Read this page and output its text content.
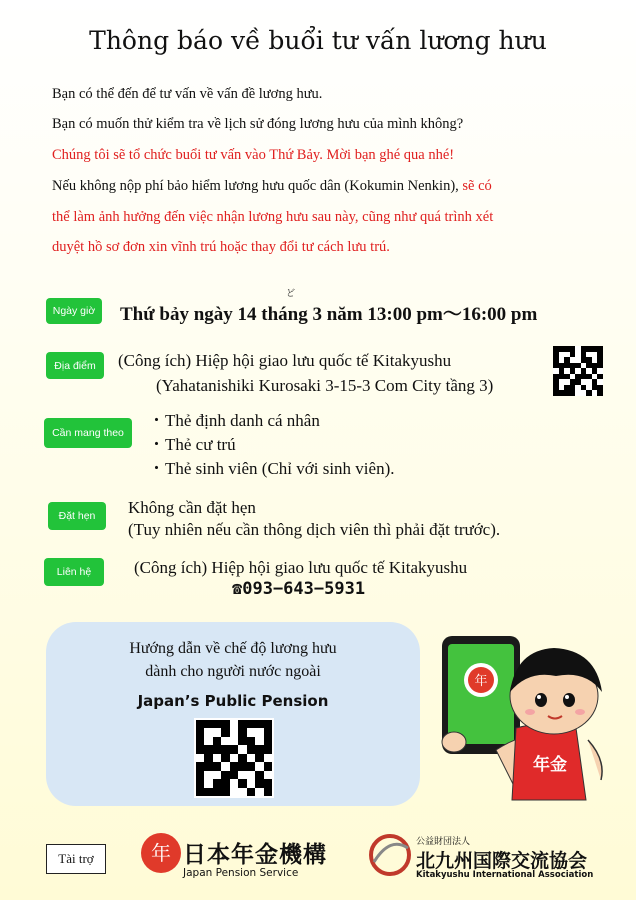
Thông báo về buổi tư vấn lương hưu
Bạn có thể đến để tư vấn về vấn đề lương hưu.
Bạn có muốn thử kiểm tra về lịch sử đóng lương hưu của mình không?
Chúng tôi sẽ tổ chức buổi tư vấn vào Thứ Bảy. Mời bạn ghé qua nhé!
Nếu không nộp phí bảo hiểm lương hưu quốc dân (Kokumin Nenkin), sẽ có
thể làm ảnh hưởng đến việc nhận lương hưu sau này, cũng như quá trình xét
duyệt hồ sơ đơn xin vĩnh trú hoặc thay đổi tư cách lưu trú.
ど
Ngày giờ	Thứ bảy ngày 14 tháng 3 năm 13:00 pm〜16:00 pm
Địa điểm	(Công ích) Hiệp hội giao lưu quốc tế Kitakyushu
(Yahatanishiki Kurosaki 3-15-3 Com City tầng 3)
Cần mang theo
・Thẻ định danh cá nhân
・Thẻ cư trú
・Thẻ sinh viên (Chỉ với sinh viên).
Đặt hẹn	Không cần đặt hẹn
(Tuy nhiên nếu cần thông dịch viên thì phải đặt trước).
Liên hệ	(Công ích) Hiệp hội giao lưu quốc tế Kitakyushu
☎093−643−5931
Hướng dẫn về chế độ lương hưu
dành cho người nước ngoài
Japan’s Public Pension
年
年金
Tài trợ	年 日本年金機構
Japan Pension Service
公益財団法人
北九州国際交流協会
Kitakyushu International Association
